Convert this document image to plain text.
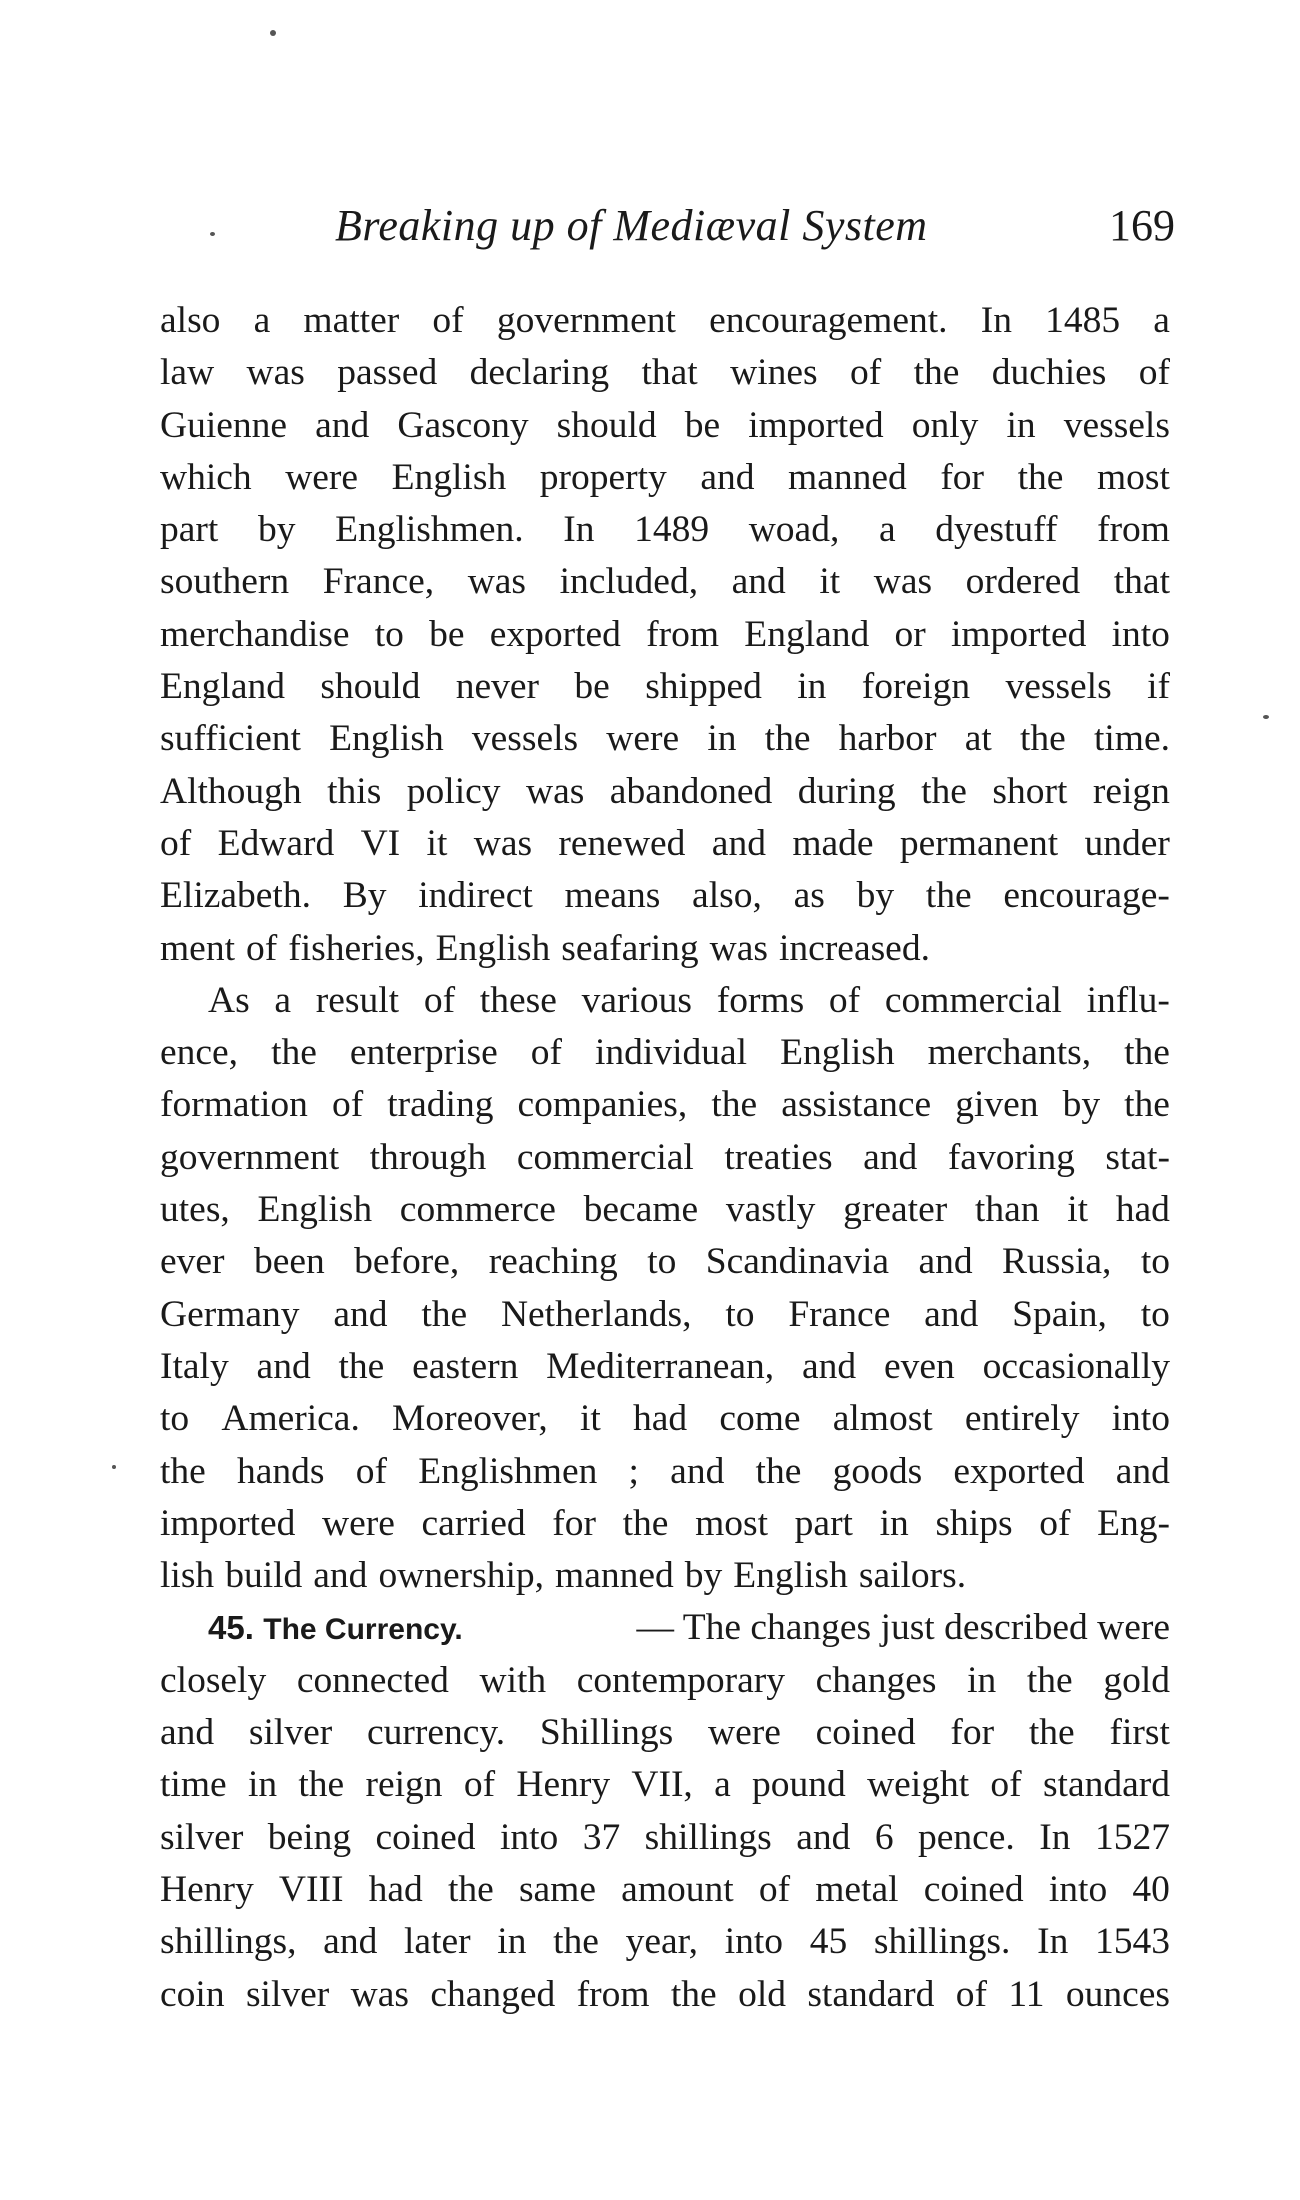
Breaking up of Mediæval System	169
also a matter of government encouragement. In 1485 a
law was passed declaring that wines of the duchies of
Guienne and Gascony should be imported only in vessels
which were English property and manned for the most
part by Englishmen. In 1489 woad, a dyestuff from
southern France, was included, and it was ordered that
merchandise to be exported from England or imported into
England should never be shipped in foreign vessels if
sufficient English vessels were in the harbor at the time.
Although this policy was abandoned during the short reign
of Edward VI it was renewed and made permanent under
Elizabeth. By indirect means also, as by the encourage-
ment of fisheries, English seafaring was increased.
As a result of these various forms of commercial influ-
ence, the enterprise of individual English merchants, the
formation of trading companies, the assistance given by the
government through commercial treaties and favoring stat-
utes, English commerce became vastly greater than it had
ever been before, reaching to Scandinavia and Russia, to
Germany and the Netherlands, to France and Spain, to
Italy and the eastern Mediterranean, and even occasionally
to America. Moreover, it had come almost entirely into
the hands of Englishmen ; and the goods exported and
imported were carried for the most part in ships of Eng-
lish build and ownership, manned by English sailors.
45. The Currency.	— The changes just described were
closely connected with contemporary changes in the gold
and silver currency. Shillings were coined for the first
time in the reign of Henry VII, a pound weight of standard
silver being coined into 37 shillings and 6 pence. In 1527
Henry VIII had the same amount of metal coined into 40
shillings, and later in the year, into 45 shillings. In 1543
coin silver was changed from the old standard of 11 ounces
